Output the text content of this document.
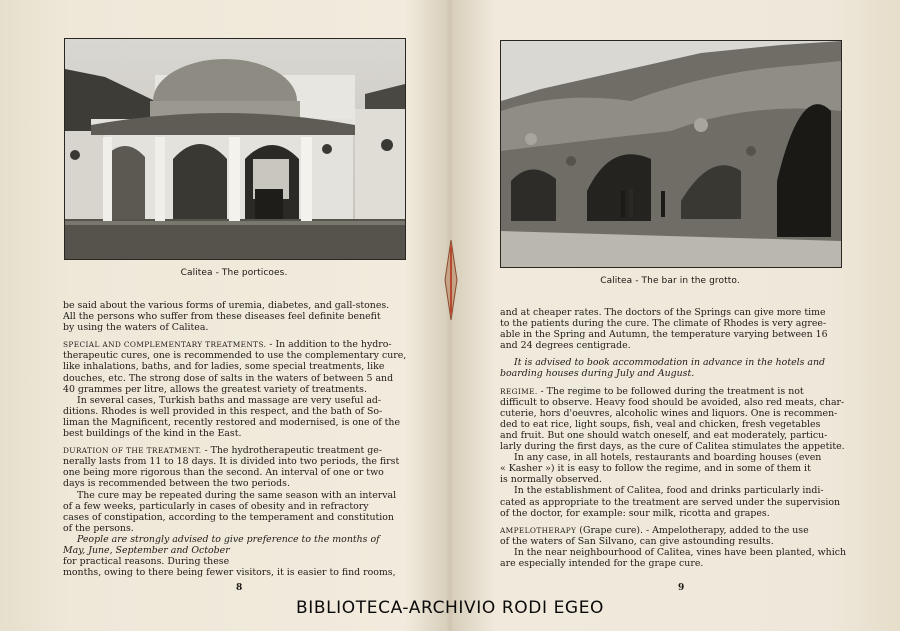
Calitea - The porticoes.

be said about the various forms of uremia, diabetes, and gall-stones.
All the persons who suffer from these diseases feel definite benefit
by using the waters of Calitea.

SPECIAL AND COMPLEMENTARY TREATMENTS. - In addition to the hydro-
therapeutic cures, one is recommended to use the complementary cure,
like inhalations, baths, and for ladies, some special treatments, like
douches, etc. The strong dose of salts in the waters of between 5 and
40 grammes per litre, allows the greatest variety of treatments.

In several cases, Turkish baths and massage are very useful ad-
ditions. Rhodes is well provided in this respect, and the bath of So-
liman the Magnificent, recently restored and modernised, is one of the
best buildings of the kind in the East.

DURATION OF THE TREATMENT. - The hydrotherapeutic treatment ge-
nerally lasts from 11 to 18 days. It is divided into two periods, the first
one being more rigorous than the second. An interval of one or two
days is recommended between the two periods.

The cure may be repeated during the same season with an interval
of a few weeks, particularly in cases of obesity and in refractory
cases of constipation, according to the temperament and constitution
of the persons.

People are strongly advised to give preference to the months of
May, June, September and October
for practical reasons. During these
months, owing to there being fewer visitors, it is easier to find rooms,

8
Calitea - The bar in the grotto.

and at cheaper rates. The doctors of the Springs can give more time
to the patients during the cure. The climate of Rhodes is very agree-
able in the Spring and Autumn, the temperature varying between 16
and 24 degrees centigrade.

It is advised to book accommodation in advance in the hotels and
boarding houses during July and August.

REGIME. - The regime to be followed during the treatment is not
difficult to observe. Heavy food should be avoided, also red meats, char-
cuterie, hors d'oeuvres, alcoholic wines and liquors. One is recommen-
ded to eat rice, light soups, fish, veal and chicken, fresh vegetables
and fruit. But one should watch oneself, and eat moderately, particu-
larly during the first days, as the cure of Calitea stimulates the appetite.

In any case, in all hotels, restaurants and boarding houses (even
« Kasher ») it is easy to follow the regime, and in some of them it
is normally observed.

In the establishment of Calitea, food and drinks particularly indi-
cated as appropriate to the treatment are served under the supervision
of the doctor, for example: sour milk, ricotta and grapes.

AMPELOTHERAPY (Grape cure). - Ampelotherapy, added to the use
of the waters of San Silvano, can give astounding results.

In the near neighbourhood of Calitea, vines have been planted, which
are especially intended for the grape cure.

9
BIBLIOTECA-ARCHIVIO RODI EGEO
